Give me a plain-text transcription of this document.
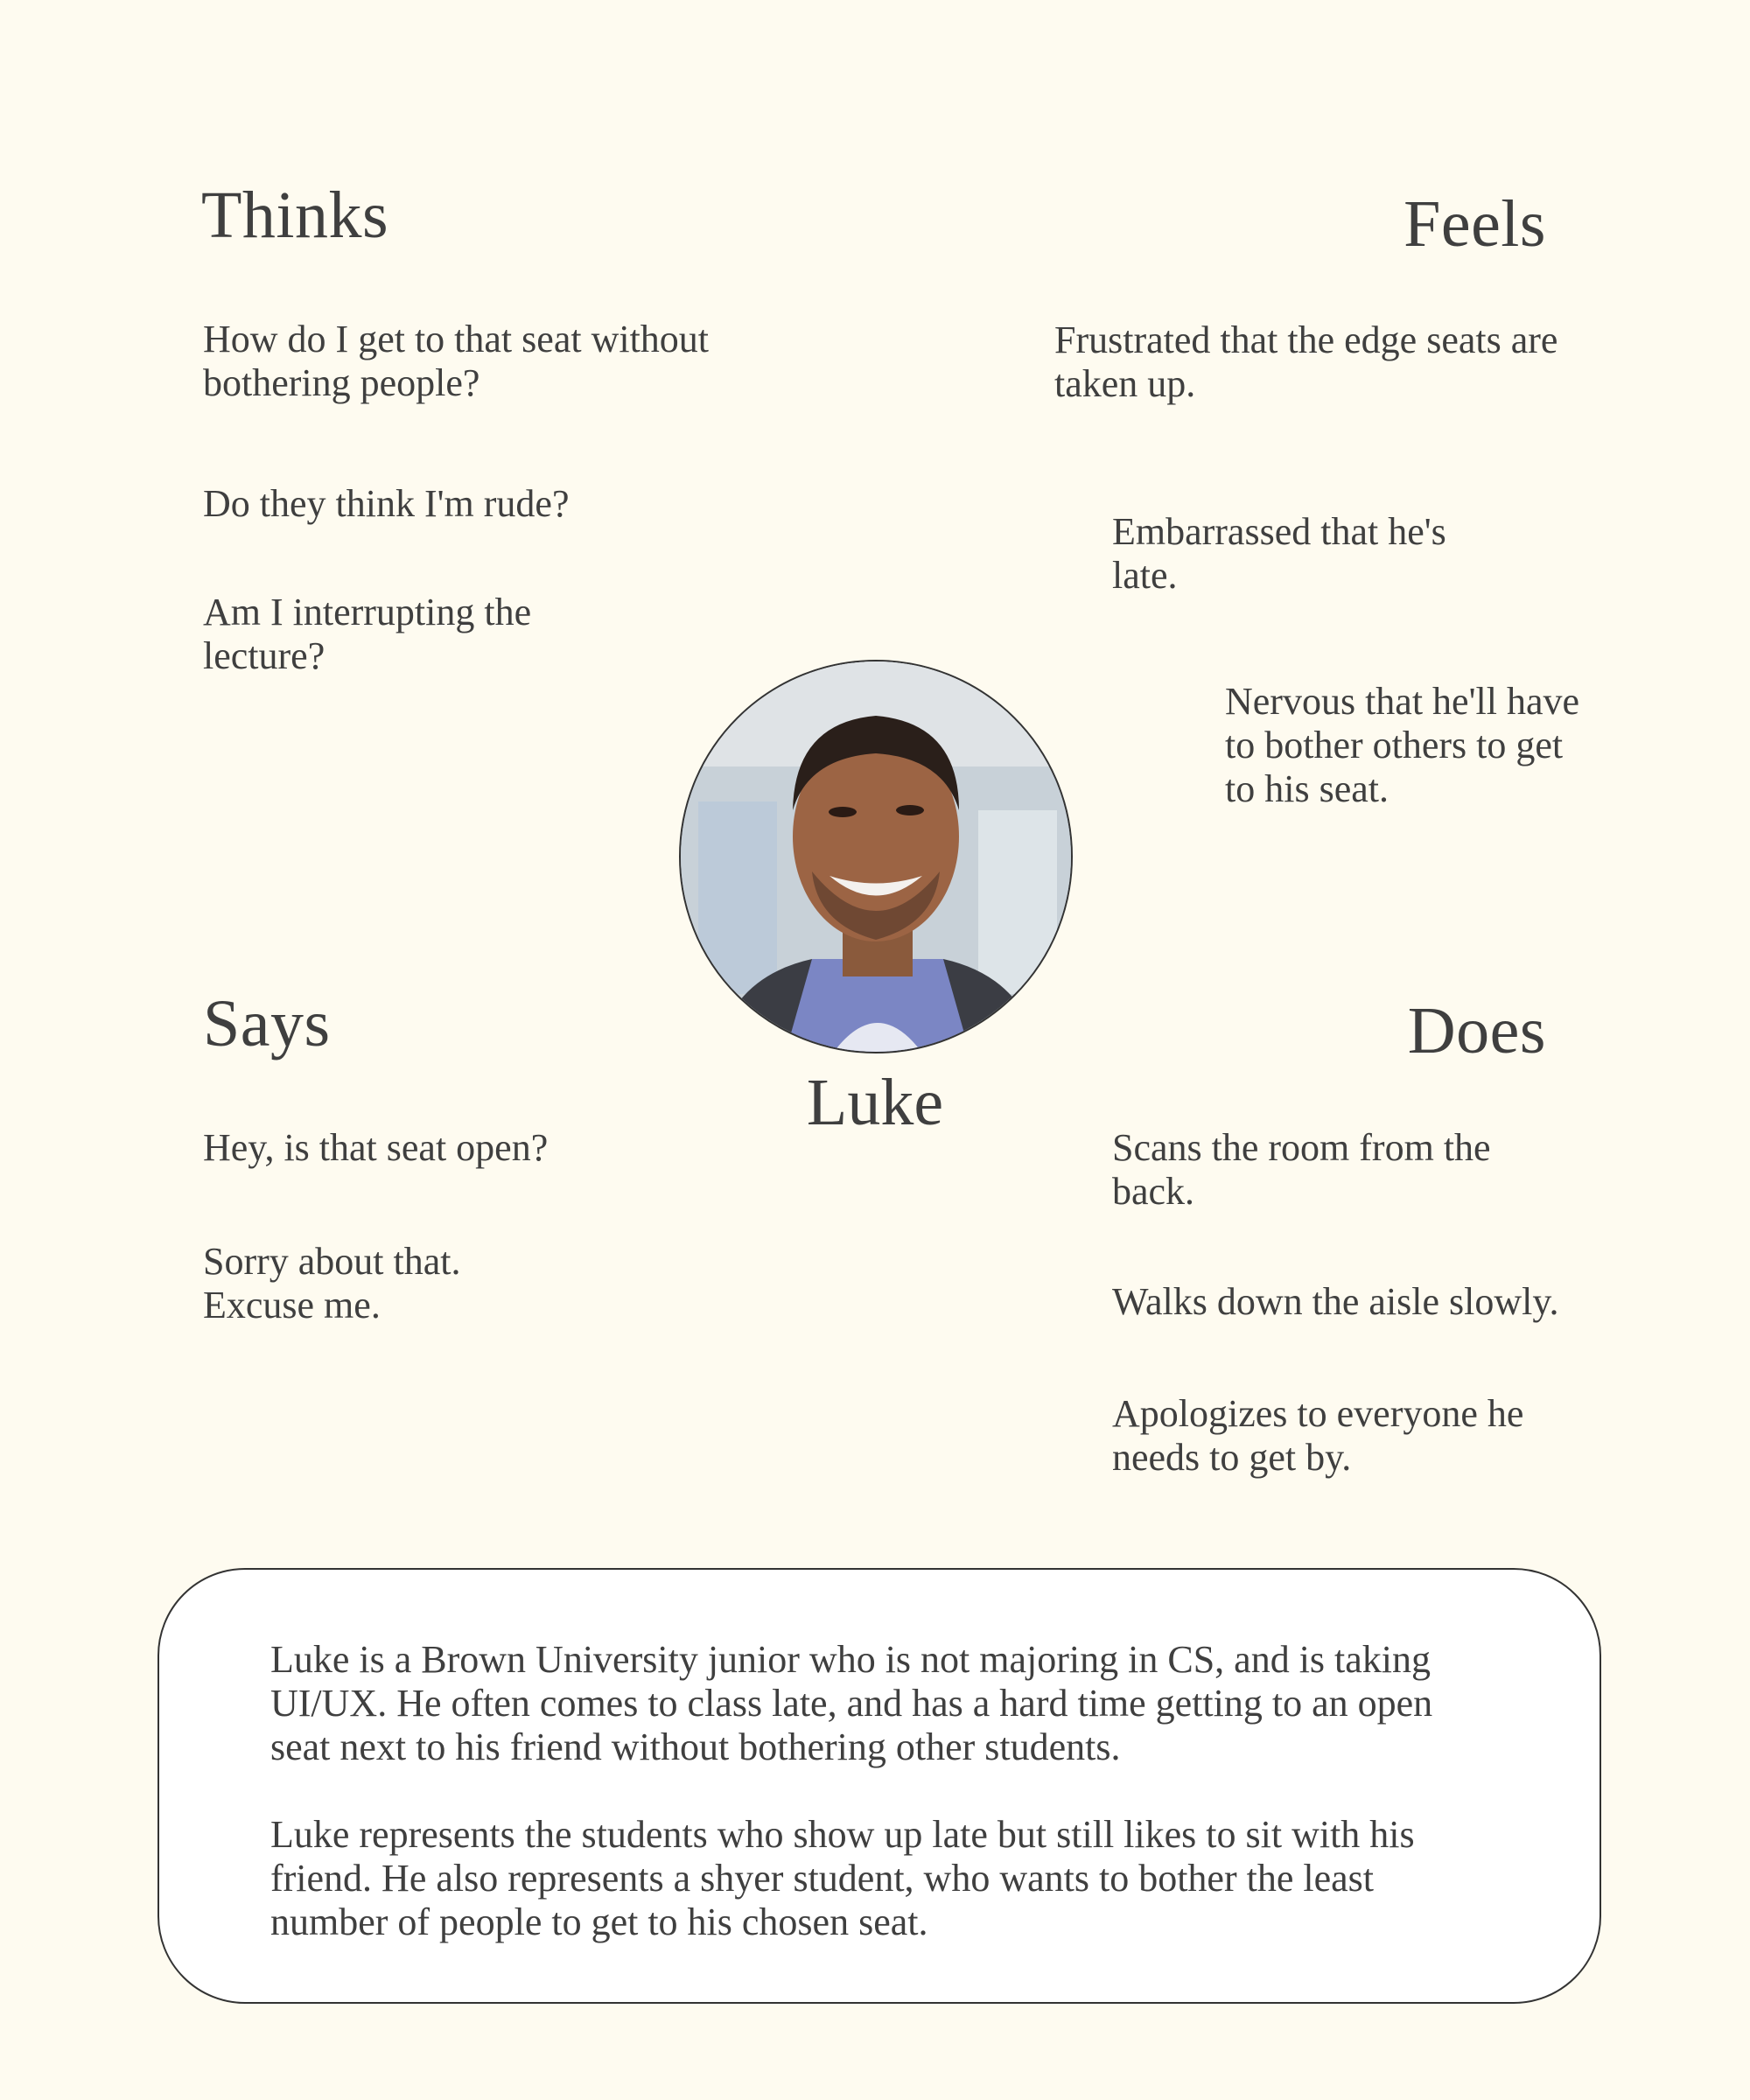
Thinks
How do I get to that seat without bothering people?
Do they think I'm rude?
Am I interrupting the lecture?
Feels
Frustrated that the edge seats are taken up.
Embarrassed that he's late.
Nervous that he'll have to bother others to get to his seat.
Luke
Says
Hey, is that seat open?
Sorry about that. Excuse me.
Does
Scans the room from the back.
Walks down the aisle slowly.
Apologizes to everyone he needs to get by.

Luke is a Brown University junior who is not majoring in CS, and is taking UI/UX. He often comes to class late, and has a hard time getting to an open seat next to his friend without bothering other students.

Luke represents the students who show up late but still likes to sit with his friend. He also represents a shyer student, who wants to bother the least number of people to get to his chosen seat.
